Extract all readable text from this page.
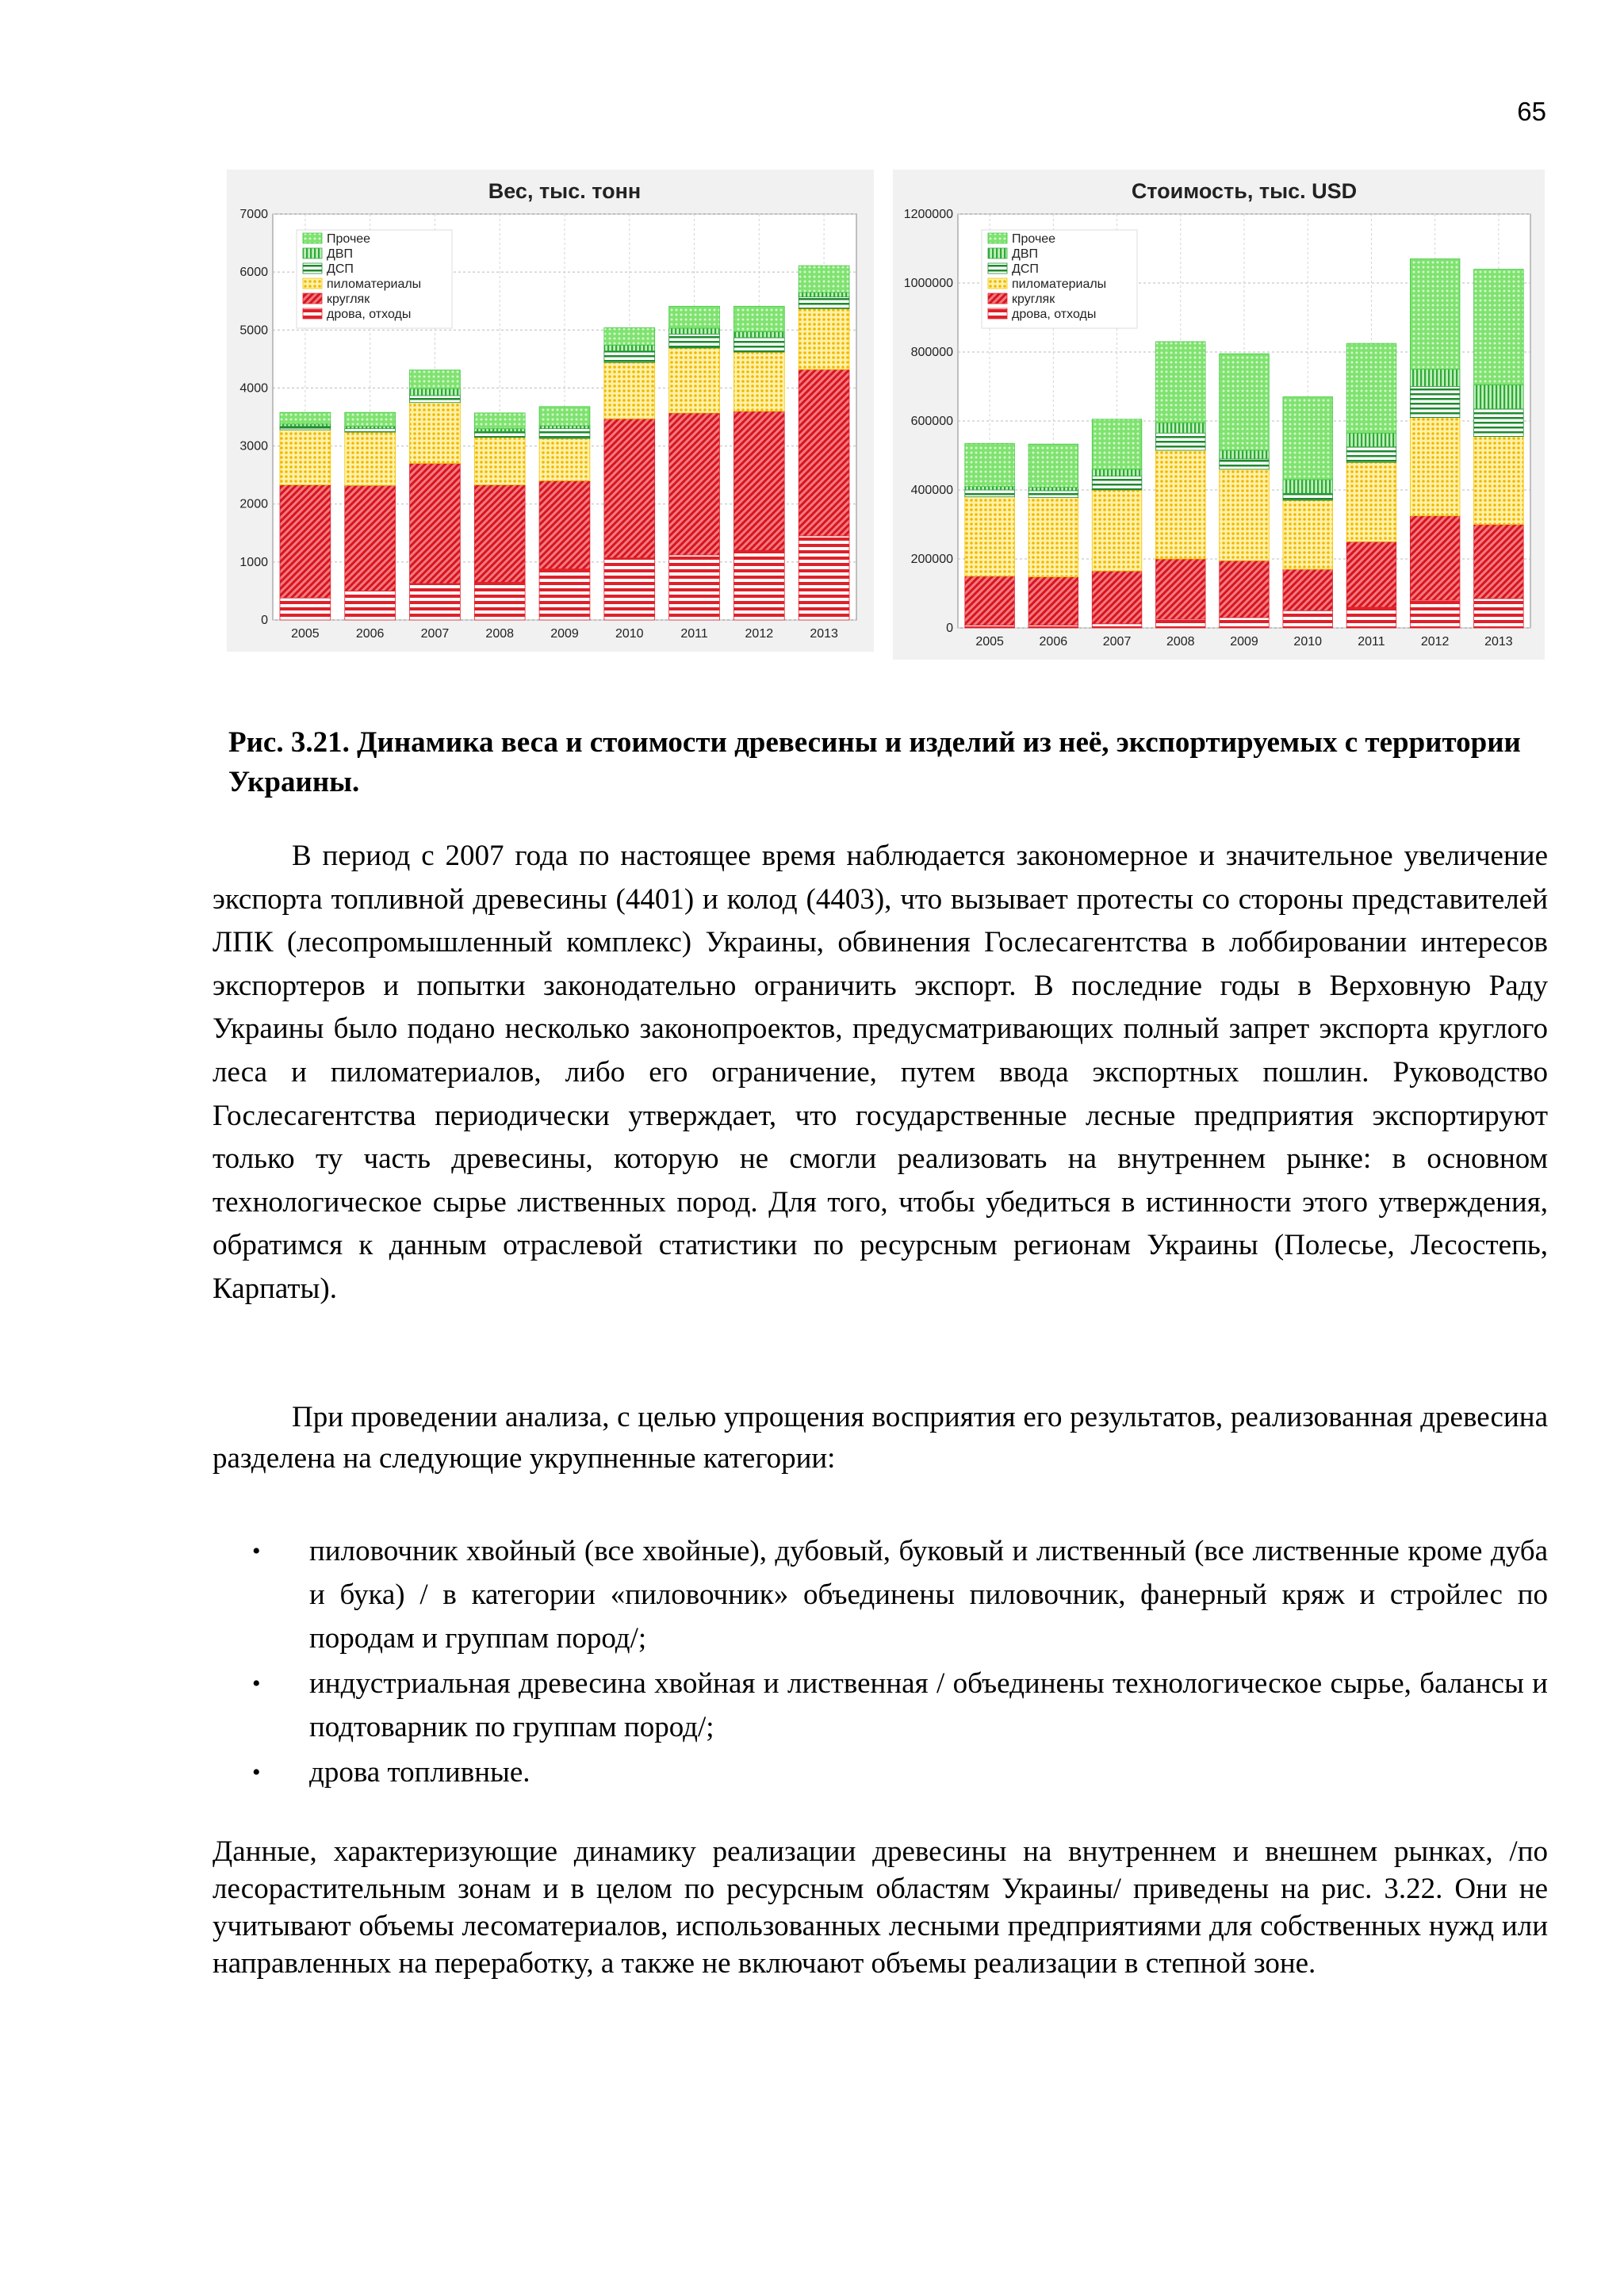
65
Вес, тыс. тонн
0
1000
2000
3000
4000
5000
6000
7000
2005	2006	2007	2008	2009	2010	2011	2012	2013
Прочее
ДВП
ДСП
пиломатериалы
кругляк
дрова, отходы
Стоимость, тыс. USD
0
200000
400000
600000
800000
1000000
1200000
2005	2006	2007	2008	2009	2010	2011	2012	2013
Прочее
ДВП
ДСП
пиломатериалы
кругляк
дрова, отходы

Рис. 3.21. Динамика веса и стоимости древесины и изделий из неё, экспортируемых с территории Украины.

В период с 2007 года по настоящее время наблюдается закономерное и значительное увеличение экспорта топливной древесины (4401) и колод (4403), что вызывает протесты со стороны представителей ЛПК (лесопромышленный комплекс) Украины, обвинения Гослесагентства в лоббировании интересов экспортеров и попытки законодательно ограничить экспорт. В последние годы в Верховную Раду Украины было подано несколько законопроектов, предусматривающих полный запрет экспорта круглого леса и пиломатериалов, либо его ограничение, путем ввода экспортных пошлин. Руководство Гослесагентства периодически утверждает, что государственные лесные предприятия экспортируют только ту часть древесины, которую не смогли реализовать на внутреннем рынке: в основном технологическое сырье лиственных пород. Для того, чтобы убедиться в истинности этого утверждения, обратимся к данным отраслевой статистики по ресурсным регионам Украины (Полесье, Лесостепь, Карпаты).

При проведении анализа, с целью упрощения восприятия его результатов, реализованная древесина разделена на следующие укрупненные категории:

• пиловочник хвойный (все хвойные), дубовый, буковый и лиственный (все лиственные кроме дуба и бука) / в категории «пиловочник» объединены пиловочник, фанерный кряж и стройлес по породам и группам пород/;
• индустриальная древесина хвойная и лиственная / объединены технологическое сырье, балансы и подтоварник по группам пород/;
• дрова топливные.

Данные, характеризующие динамику реализации древесины на внутреннем и внешнем рынках, /по лесорастительным зонам и в целом по ресурсным областям Украины/ приведены на рис. 3.22. Они не учитывают объемы лесоматериалов, использованных лесными предприятиями для собственных нужд или направленных на переработку, а также не включают объемы реализации в степной зоне.
